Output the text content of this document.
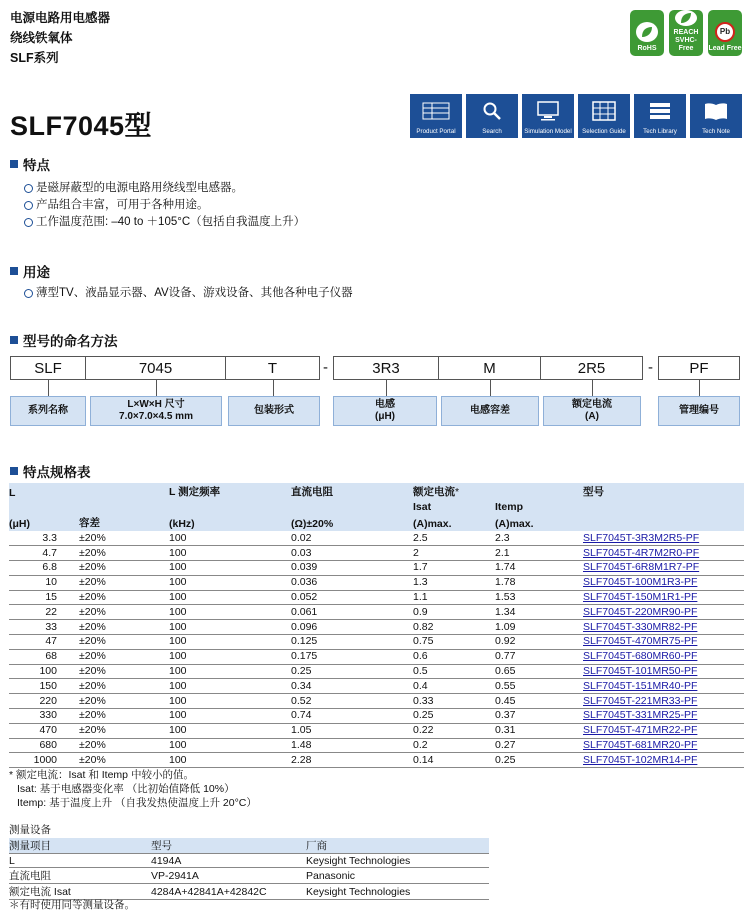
电源电路用电感器
绕线铁氧体
SLF系列
RoHS
REACH SVHC-Free
Pb
Lead Free
SLF7045型	Product Portal	Search	Simulation Model Selection Guide	Tech Library	Tech Note
特点
是磁屏蔽型的电源电路用绕线型电感器。
产品组合丰富，可用于各种用途。
工作温度范围: –40 to ＋105°C（包括自我温度上升）
用途
薄型TV、液晶显示器、AV设备、游戏设备、其他各种电子仪器
型号的命名方法
SLF	7045	T	-	3R3	M	2R5	-	PF
系列名称
L×W×H 尺寸
7.0×7.0×4.5 mm
包装形式
电感
(μH)
电感容差
额定电流
(A)
管理编号
特点规格表
L		L 测定频率	直流电阻	额定电流*		型号
				Isat	Itemp	
(μH)	容差	(kHz)	(Ω)±20%	(A)max.	(A)max.	
3.3	±20%	100	0.02	2.5	2.3	SLF7045T-3R3M2R5-PF
4.7	±20%	100	0.03	2	2.1	SLF7045T-4R7M2R0-PF
6.8	±20%	100	0.039	1.7	1.74	SLF7045T-6R8M1R7-PF
10	±20%	100	0.036	1.3	1.78	SLF7045T-100M1R3-PF
15	±20%	100	0.052	1.1	1.53	SLF7045T-150M1R1-PF
22	±20%	100	0.061	0.9	1.34	SLF7045T-220MR90-PF
33	±20%	100	0.096	0.82	1.09	SLF7045T-330MR82-PF
47	±20%	100	0.125	0.75	0.92	SLF7045T-470MR75-PF
68	±20%	100	0.175	0.6	0.77	SLF7045T-680MR60-PF
100	±20%	100	0.25	0.5	0.65	SLF7045T-101MR50-PF
150	±20%	100	0.34	0.4	0.55	SLF7045T-151MR40-PF
220	±20%	100	0.52	0.33	0.45	SLF7045T-221MR33-PF
330	±20%	100	0.74	0.25	0.37	SLF7045T-331MR25-PF
470	±20%	100	1.05	0.22	0.31	SLF7045T-471MR22-PF
680	±20%	100	1.48	0.2	0.27	SLF7045T-681MR20-PF
1000	±20%	100	2.28	0.14	0.25	SLF7045T-102MR14-PF
* 额定电流：Isat 和 Itemp 中较小的值。
Isat: 基于电感器变化率 （比初始值降低 10%）
Itemp: 基于温度上升 （自我发热使温度上升 20°C）
测量设备
测量项目	型号	厂商
L	4194A	Keysight Technologies
直流电阻	VP-2941A	Panasonic
额定电流 Isat	4284A+42841A+42842C	Keysight Technologies
＊有时使用同等测量设备。
